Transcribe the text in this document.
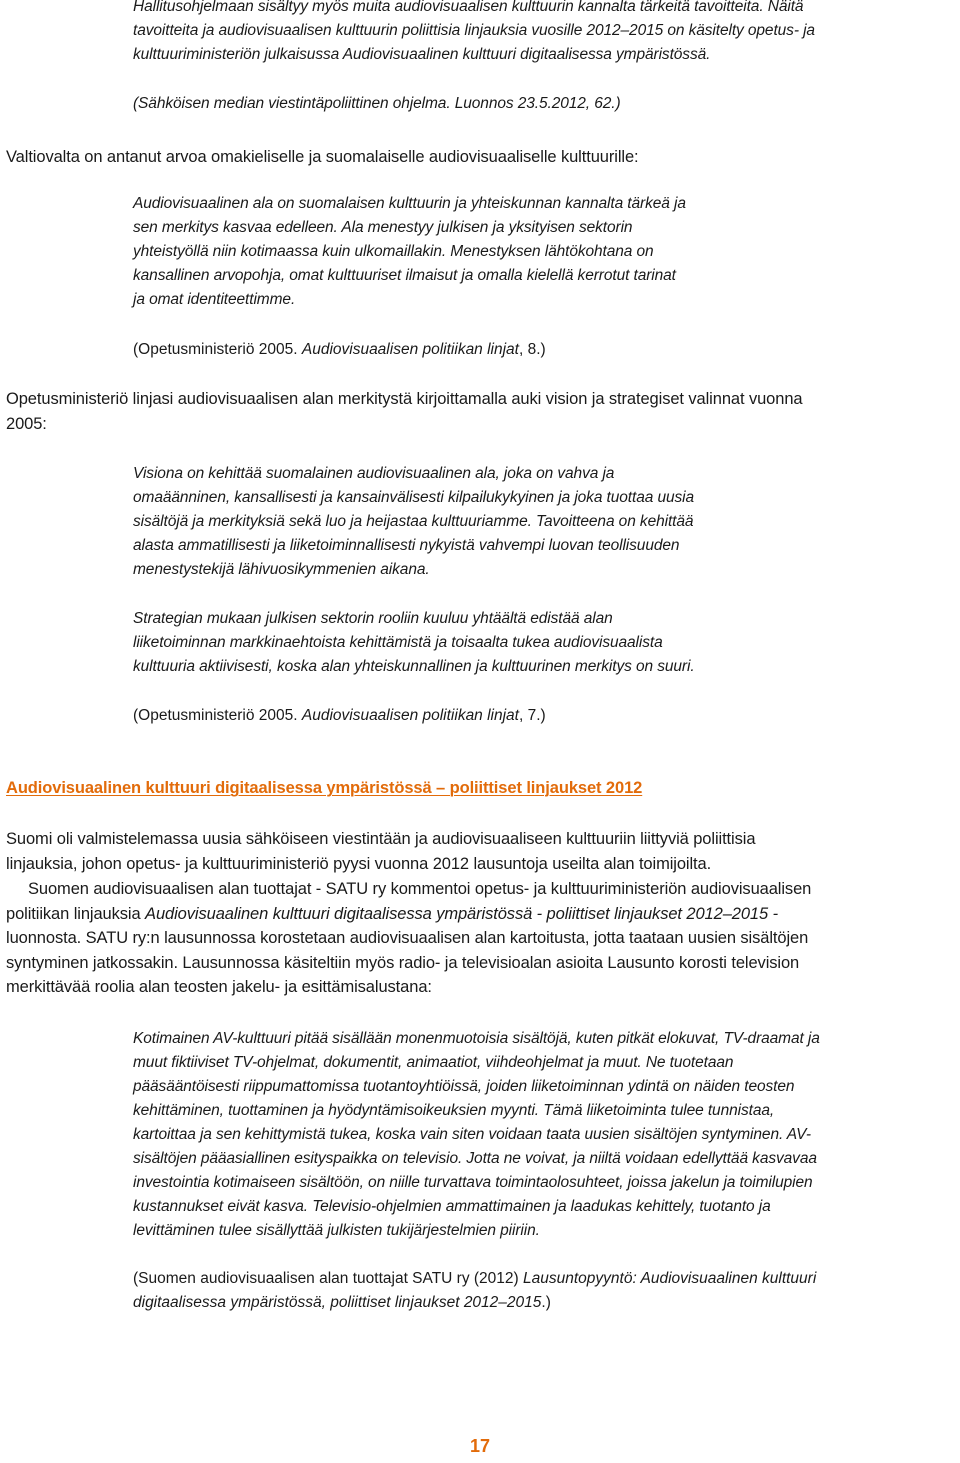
Hallitusohjelmaan sisältyy myös muita audiovisuaalisen kulttuurin kannalta tärkeitä tavoitteita. Näitä

tavoitteita ja audiovisuaalisen kulttuurin poliittisia linjauksia vuosille 2012–2015 on käsitelty opetus- ja

kulttuuriministeriön julkaisussa Audiovisuaalinen kulttuuri digitaalisessa ympäristössä.

(Sähköisen median viestintäpoliittinen ohjelma. Luonnos 23.5.2012, 62.)

Valtiovalta on antanut arvoa omakieliselle ja suomalaiselle audiovisuaaliselle kulttuurille:

Audiovisuaalinen ala on suomalaisen kulttuurin ja yhteiskunnan kannalta tärkeä ja

sen merkitys kasvaa edelleen. Ala menestyy julkisen ja yksityisen sektorin

yhteistyöllä niin kotimaassa kuin ulkomaillakin. Menestyksen lähtökohtana on

kansallinen arvopohja, omat kulttuuriset ilmaisut ja omalla kielellä kerrotut tarinat

ja omat identiteettimme.

(Opetusministeriö 2005. Audiovisuaalisen politiikan linjat, 8.)

Opetusministeriö linjasi audiovisuaalisen alan merkitystä kirjoittamalla auki vision ja strategiset valinnat vuonna

2005:

Visiona on kehittää suomalainen audiovisuaalinen ala, joka on vahva ja

omaäänninen, kansallisesti ja kansainvälisesti kilpailukykyinen ja joka tuottaa uusia

sisältöjä ja merkityksiä sekä luo ja heijastaa kulttuuriamme. Tavoitteena on kehittää

alasta ammatillisesti ja liiketoiminnallisesti nykyistä vahvempi luovan teollisuuden

menestystekijä lähivuosikymmenien aikana.

Strategian mukaan julkisen sektorin rooliin kuuluu yhtäältä edistää alan

liiketoiminnan markkinaehtoista kehittämistä ja toisaalta tukea audiovisuaalista

kulttuuria aktiivisesti, koska alan yhteiskunnallinen ja kulttuurinen merkitys on suuri.

(Opetusministeriö 2005. Audiovisuaalisen politiikan linjat, 7.)

Audiovisuaalinen kulttuuri digitaalisessa ympäristössä – poliittiset linjaukset 2012

Suomi oli valmistelemassa uusia sähköiseen viestintään ja audiovisuaaliseen kulttuuriin liittyviä poliittisia

linjauksia, johon opetus- ja kulttuuriministeriö pyysi vuonna 2012 lausuntoja useilta alan toimijoilta.

Suomen audiovisuaalisen alan tuottajat - SATU ry kommentoi opetus- ja kulttuuriministeriön audiovisuaalisen

politiikan linjauksia Audiovisuaalinen kulttuuri digitaalisessa ympäristössä - poliittiset linjaukset 2012–2015 -

luonnosta. SATU ry:n lausunnossa korostetaan audiovisuaalisen alan kartoitusta, jotta taataan uusien sisältöjen

syntyminen jatkossakin. Lausunnossa käsiteltiin myös radio- ja televisioalan asioita Lausunto korosti television

merkittävää roolia alan teosten jakelu- ja esittämisalustana:

Kotimainen AV-kulttuuri pitää sisällään monenmuotoisia sisältöjä, kuten pitkät elokuvat, TV-draamat ja

muut fiktiiviset TV-ohjelmat, dokumentit, animaatiot, viihdeohjelmat ja muut. Ne tuotetaan

pääsääntöisesti riippumattomissa tuotantoyhtiöissä, joiden liiketoiminnan ydintä on näiden teosten

kehittäminen, tuottaminen ja hyödyntämisoikeuksien myynti. Tämä liiketoiminta tulee tunnistaa,

kartoittaa ja sen kehittymistä tukea, koska vain siten voidaan taata uusien sisältöjen syntyminen. AV-

sisältöjen pääasiallinen esityspaikka on televisio. Jotta ne voivat, ja niiltä voidaan edellyttää kasvavaa

investointia kotimaiseen sisältöön, on niille turvattava toimintaolosuhteet, joissa jakelun ja toimilupien

kustannukset eivät kasva. Televisio-ohjelmien ammattimainen ja laadukas kehittely, tuotanto ja

levittäminen tulee sisällyttää julkisten tukijärjestelmien piiriin.

(Suomen audiovisuaalisen alan tuottajat SATU ry (2012) Lausuntopyyntö: Audiovisuaalinen kulttuuri

digitaalisessa ympäristössä, poliittiset linjaukset 2012–2015.)

17
